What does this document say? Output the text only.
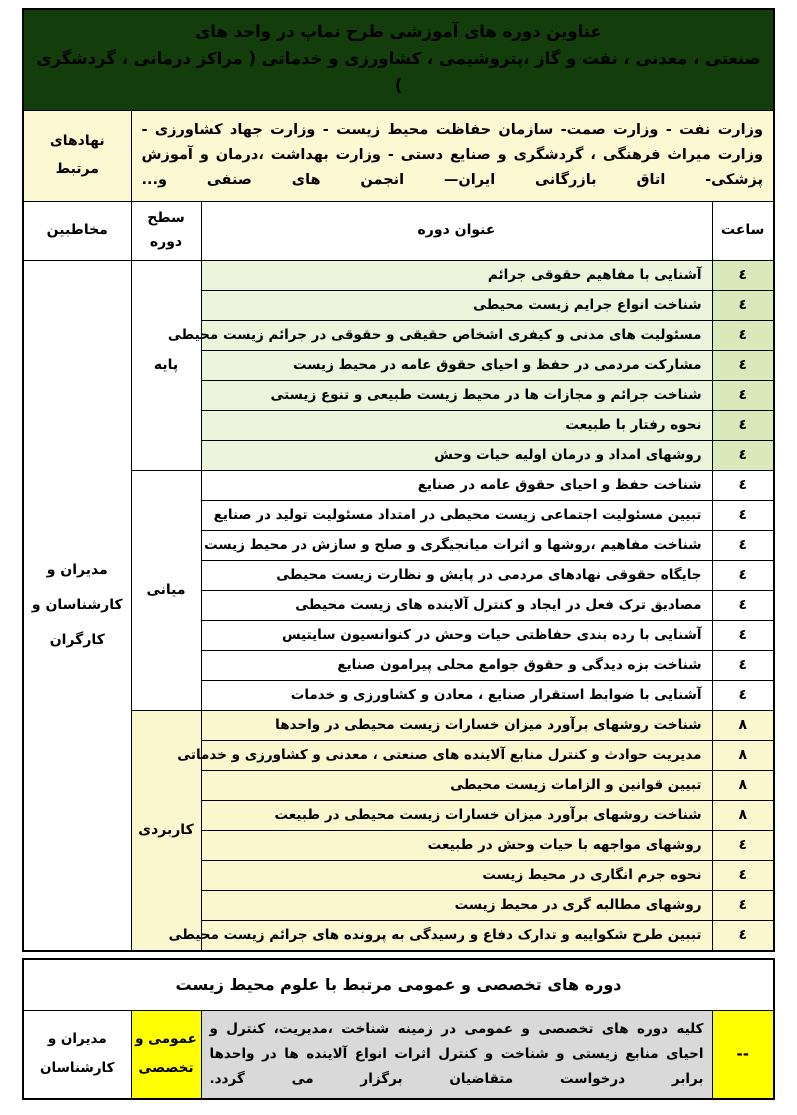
عناوین دوره های آموزشی طرح نماپ در واحد های
صنعتی ، معدنی ، نفت و گاز ،پتروشیمی ، کشاورزی و خدماتی ( مراکز درمانی ، گردشگری )			

وزارت نفت - وزارت صمت- سازمان حفاظت محیط زیست - وزارت جهاد کشاورزی - وزارت میراث فرهنگی ، گردشگری و صنایع دستی - وزارت بهداشت ،درمان و آموزش پزشکی- اتاق بازرگانی ایران— انجمن های صنفی و...			نهادهای مرتبط
ساعت	عنوان دوره	سطح دوره	مخاطبین
٤	آشنایی با مفاهیم حقوقی جرائم	پایه	مدیران و کارشناسان و کارگران
٤	شناخت انواع جرایم زیست محیطی		
٤	مسئولیت های مدنی و کیفری اشخاص حقیقی و حقوقی در جرائم زیست محیطی		
٤	مشارکت مردمی در حفظ و احیای حقوق عامه در محیط زیست		
٤	شناخت جرائم و مجازات ها در محیط زیست طبیعی و تنوع زیستی		
٤	نحوه رفتار با طبیعت		
٤	روشهای امداد و درمان اولیه حیات وحش		
٤	شناخت حفظ و احیای حقوق عامه در صنایع	میانی	
٤	تبیین مسئولیت اجتماعی زیست محیطی در امتداد مسئولیت تولید در صنایع		
٤	شناخت مفاهیم ،روشها و اثرات میانجیگری و صلح و سازش در محیط زیست		
٤	جایگاه حقوقی نهادهای مردمی در پایش و نظارت زیست محیطی		
٤	مصادیق ترک فعل در ایجاد و کنترل آلاینده های زیست محیطی		
٤	آشنایی با رده بندی حفاظتی حیات وحش در کنوانسیون سایتیس		
٤	شناخت بزه دیدگی و حقوق جوامع محلی پیرامون صنایع		
٤	آشنایی با ضوابط استقرار صنایع ، معادن و کشاورزی و خدمات		
٨	شناخت روشهای برآورد میزان خسارات زیست محیطی در واحدها	کاربردی	
٨	مدیریت حوادث و کنترل منابع آلاینده های صنعتی ، معدنی و کشاورزی و خدماتی		
٨	تبیین قوانین و الزامات زیست محیطی		
٨	شناخت روشهای برآورد میزان خسارات زیست محیطی در طبیعت		
٤	روشهای مواجهه با حیات وحش در طبیعت		
٤	نحوه جرم انگاری در محیط زیست		
٤	روشهای مطالبه گری در محیط زیست		
٤	تببین طرح شکواییه و تدارک دفاع و رسیدگی به پرونده های جرائم زیست محیطی		
دوره های تخصصی و عمومی مرتبط با علوم محیط زیست
--	کلیه دوره های تخصصی و عمومی در زمینه شناخت ،مدیریت، کنترل و احیای منابع زیستی و شناخت و کنترل اثرات انواع آلاینده ها در واحدها برابر درخواست متقاضیان برگزار می گردد.	عمومی و تخصصی	مدیران و کارشناسان
